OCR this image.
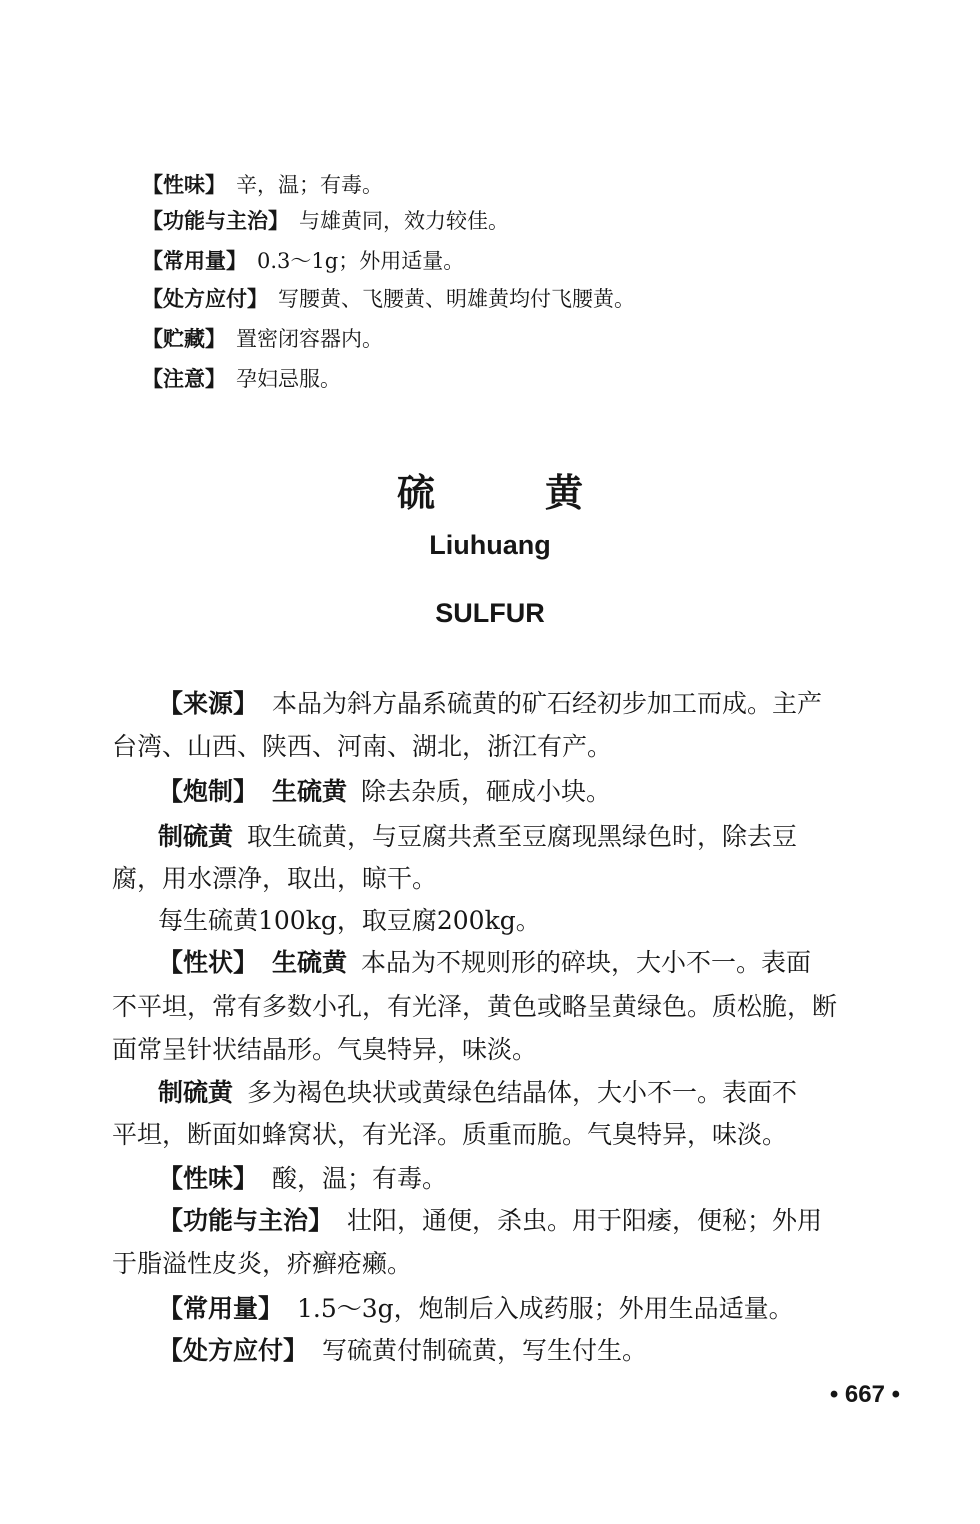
【性味】 辛，温；有毒。
【功能与主治】 与雄黄同，效力较佳。
【常用量】 0.3～1g；外用适量。
【处方应付】 写腰黄、飞腰黄、明雄黄均付飞腰黄。
【贮藏】 置密闭容器内。
【注意】 孕妇忌服。
硫黄
Liuhuang
SULFUR
【来源】 本品为斜方晶系硫黄的矿石经初步加工而成。主产
台湾、山西、陕西、河南、湖北，浙江有产。
【炮制】 生硫黄 除去杂质，砸成小块。
制硫黄 取生硫黄，与豆腐共煮至豆腐现黑绿色时，除去豆
腐，用水漂净，取出，晾干。
每生硫黄100kg，取豆腐200kg。
【性状】 生硫黄 本品为不规则形的碎块，大小不一。表面
不平坦，常有多数小孔，有光泽，黄色或略呈黄绿色。质松脆，断
面常呈针状结晶形。气臭特异，味淡。
制硫黄 多为褐色块状或黄绿色结晶体，大小不一。表面不
平坦，断面如蜂窝状，有光泽。质重而脆。气臭特异，味淡。
【性味】 酸，温；有毒。
【功能与主治】 壮阳，通便，杀虫。用于阳痿，便秘；外用
于脂溢性皮炎，疥癣疮癞。
【常用量】 1.5～3g，炮制后入成药服；外用生品适量。
【处方应付】 写硫黄付制硫黄，写生付生。
• 667 •
